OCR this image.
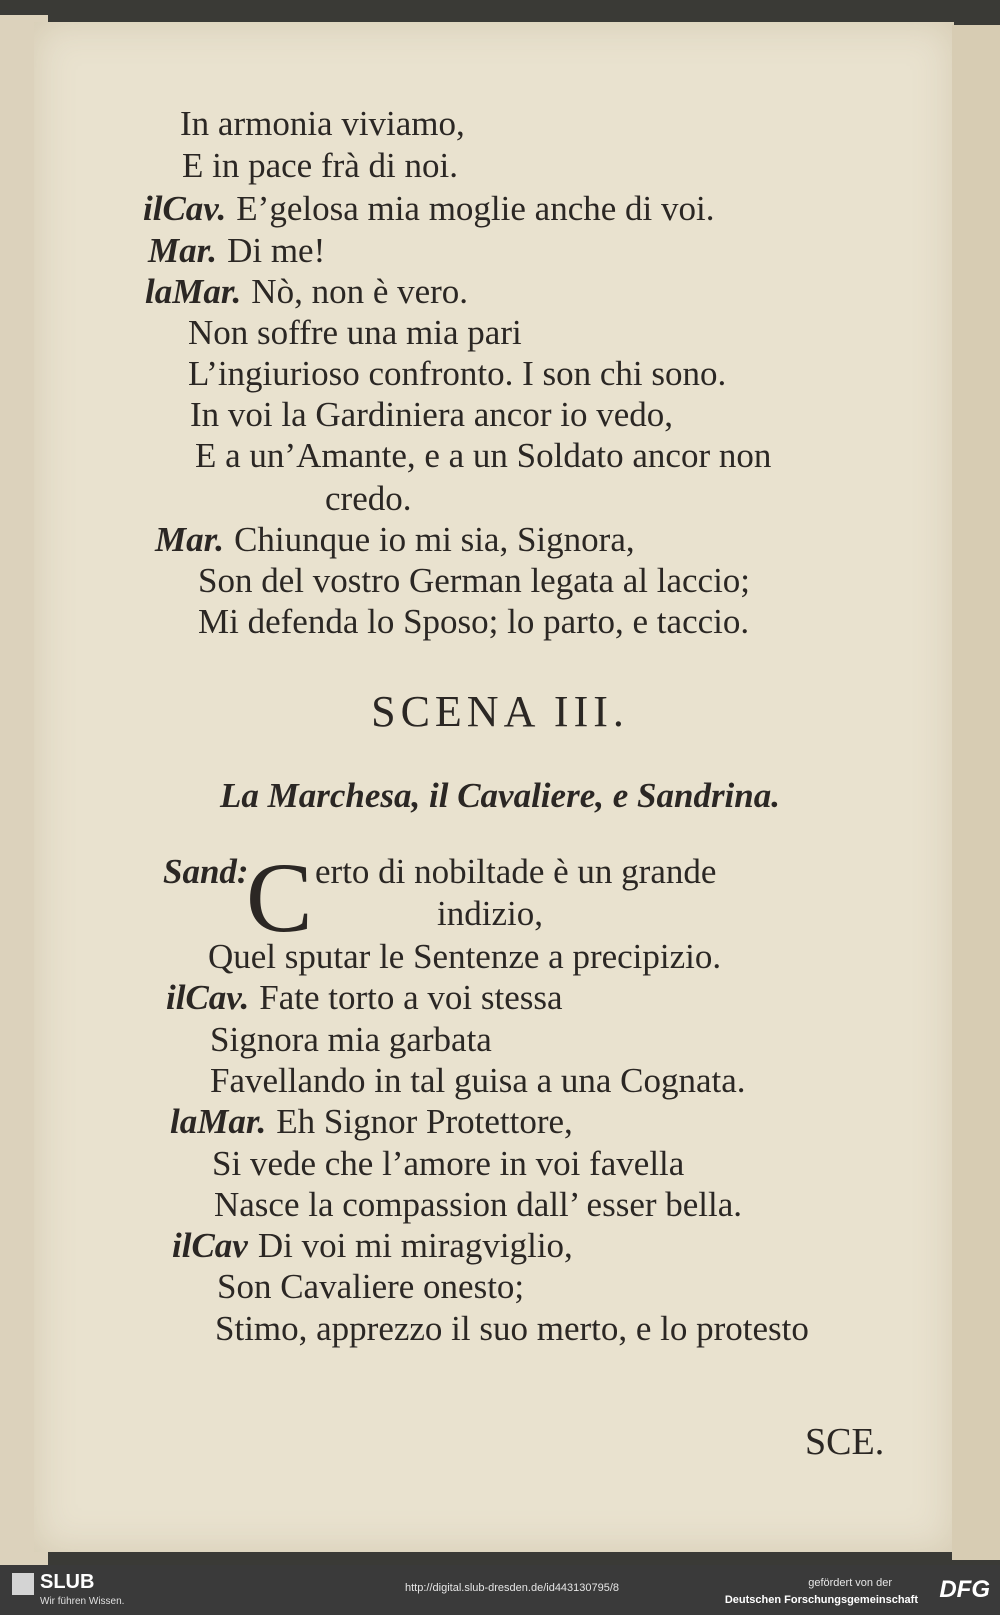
In armonia viviamo,
E in pace frà di noi.
ilCav. E’gelosa mia moglie anche di voi.
Mar. Di me!
laMar. Nò, non è vero.
Non soffre una mia pari
L’ingiurioso confronto. I son chi sono.
In voi la Gardiniera ancor io vedo,
E a un’Amante, e a un Soldato ancor non
credo.
Mar. Chiunque io mi sia, Signora,
Son del vostro German legata al laccio;
Mi defenda lo Sposo; lo parto, e taccio.
SCENA III.
La Marchesa, il Cavaliere, e Sandrina.
Sand:
C erto di nobiltade è un grande
indizio,
Quel sputar le Sentenze a precipizio.
ilCav. Fate torto a voi stessa
Signora mia garbata
Favellando in tal guisa a una Cognata.
laMar. Eh Signor Protettore,
Si vede che l’amore in voi favella
Nasce la compassion dall’ esser bella.
ilCav Di voi mi miragviglio,
Son Cavaliere onesto;
Stimo, apprezzo il suo merto, e lo protesto
SCE.
SLUB
Wir führen Wissen.
http://digital.slub-dresden.de/id443130795/8	gefördert von der
Deutschen Forschungsgemeinschaft DFG
